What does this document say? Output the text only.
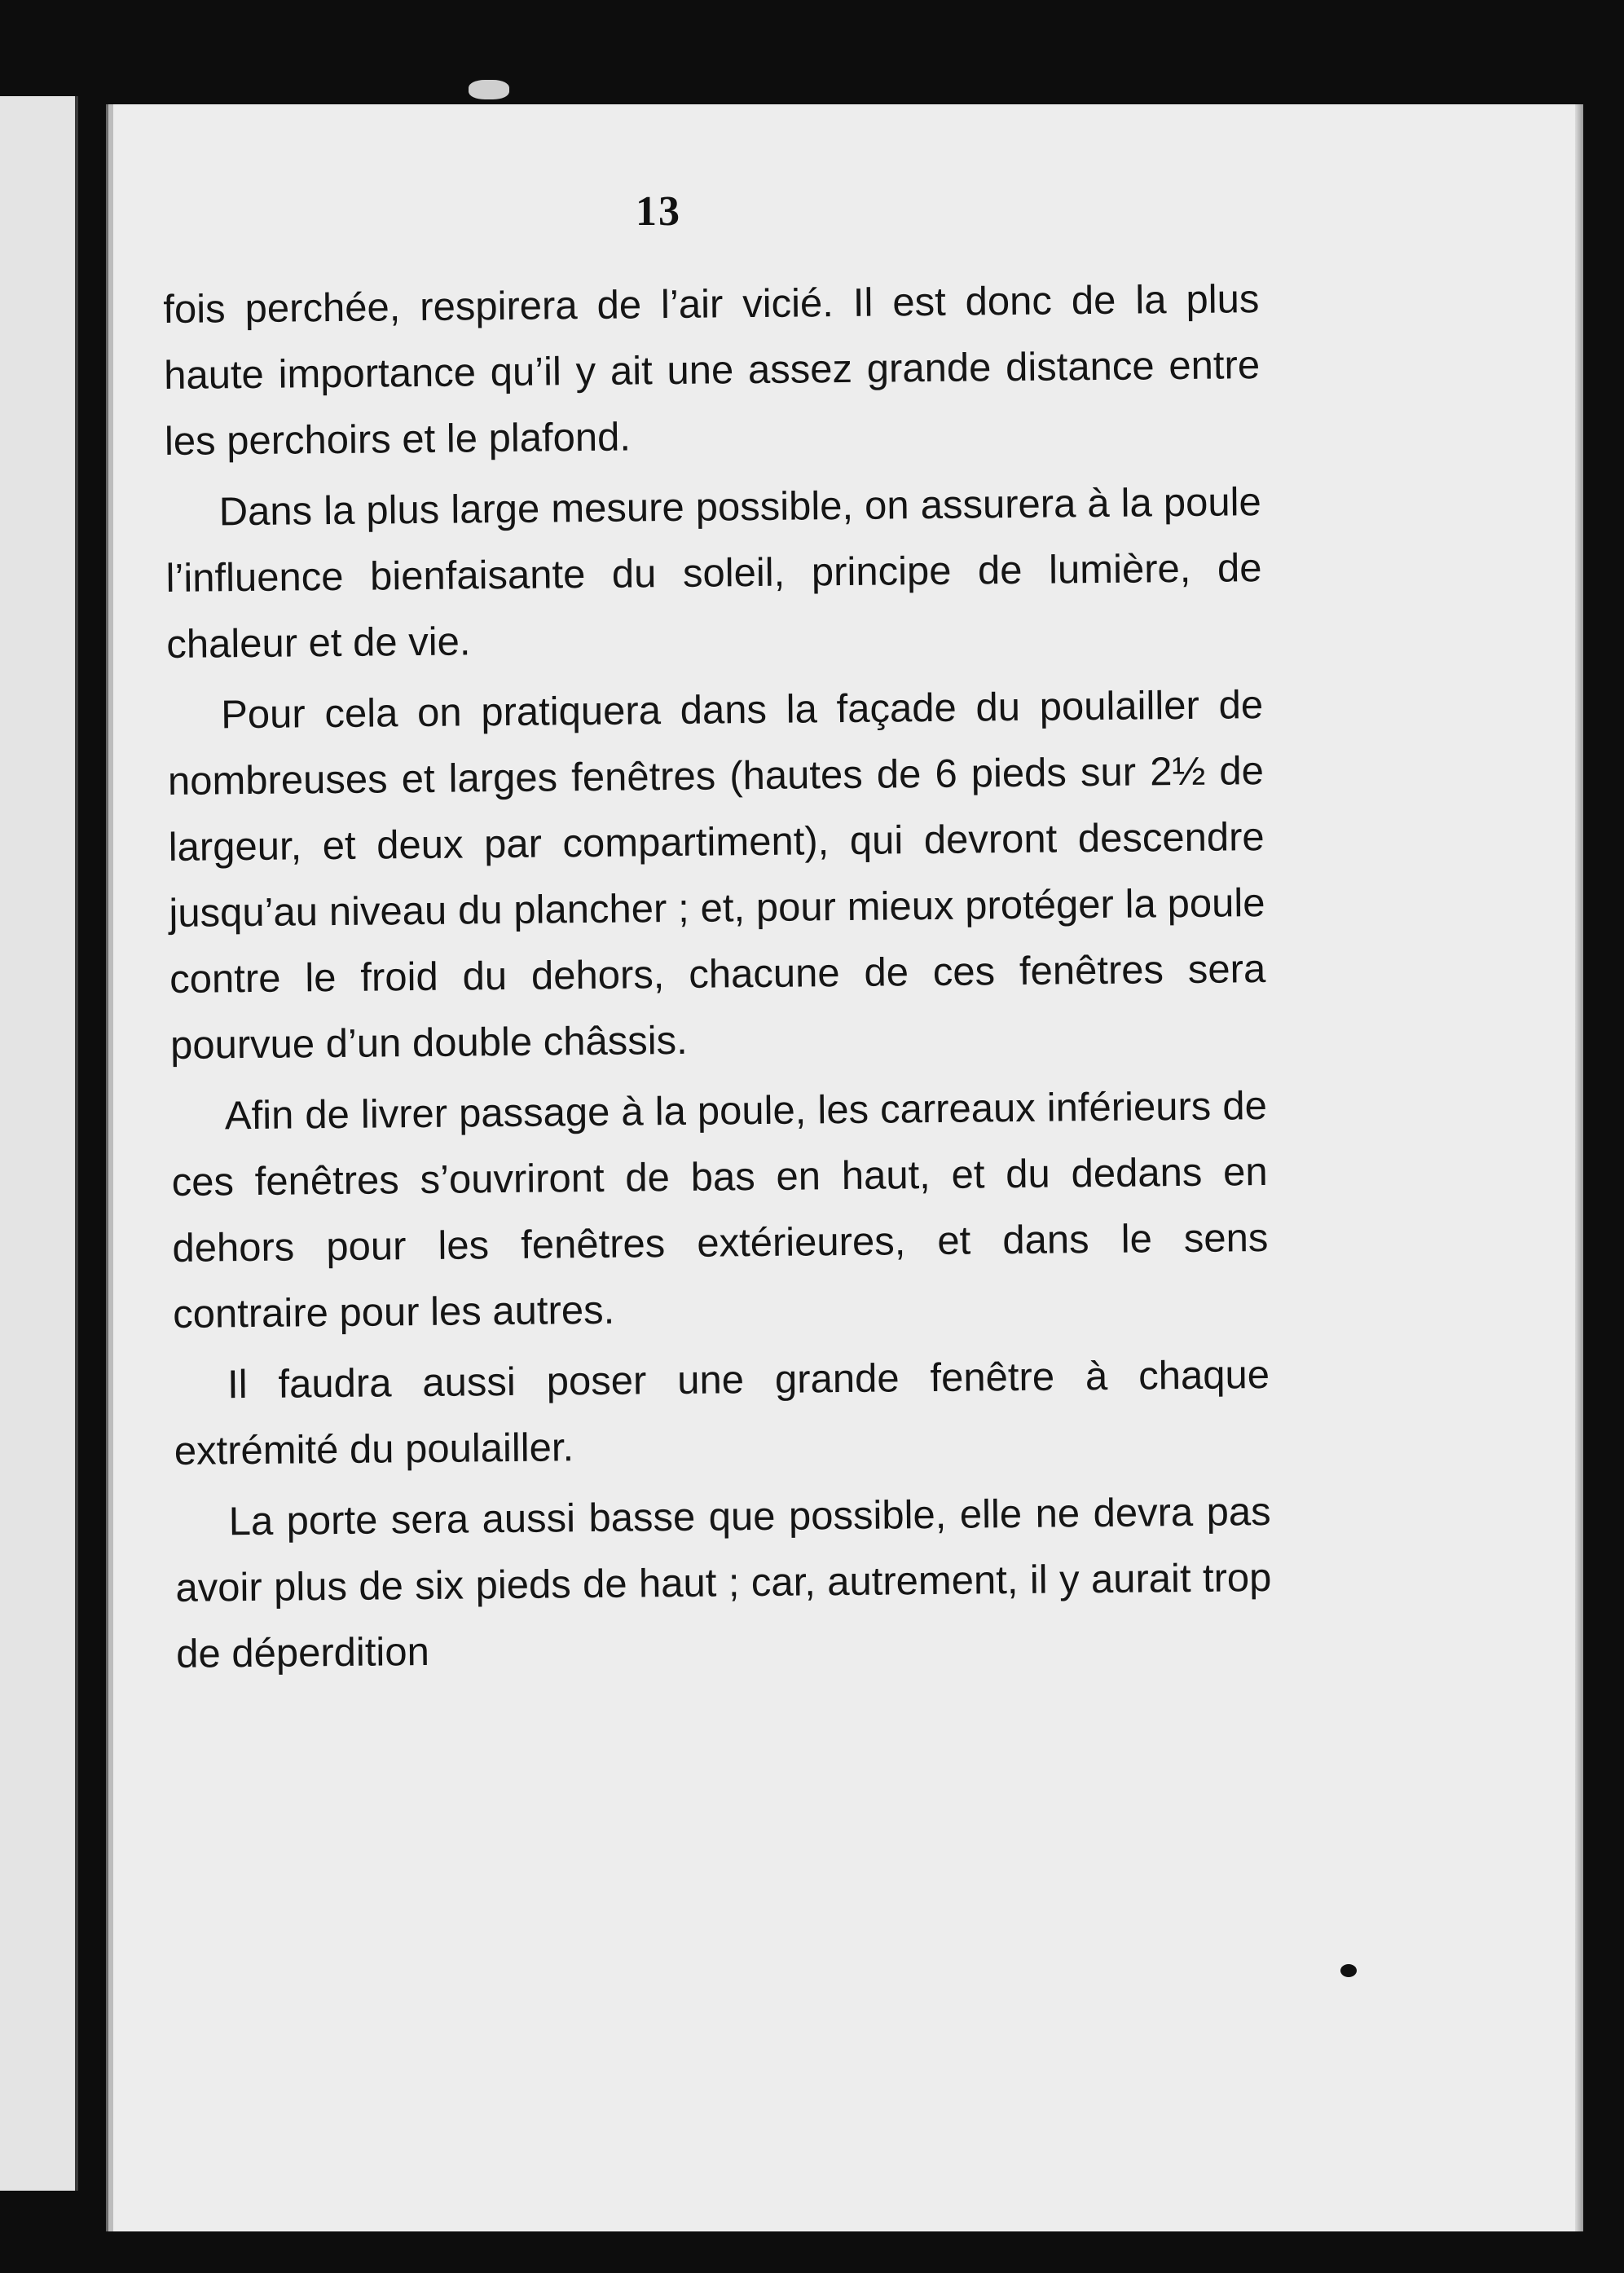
13

fois perchée, respirera de l’air vicié. Il est donc de la plus haute importance qu’il y ait une assez grande distance entre les perchoirs et le plafond.

Dans la plus large mesure possible, on assurera à la poule l’influence bienfaisante du soleil, principe de lumière, de chaleur et de vie.

Pour cela on pratiquera dans la façade du poulailler de nombreuses et larges fenêtres (hautes de 6 pieds sur 2½ de largeur, et deux par compartiment), qui devront descendre jusqu’au niveau du plancher ; et, pour mieux protéger la poule contre le froid du dehors, chacune de ces fenêtres sera pourvue d’un double châssis.

Afin de livrer passage à la poule, les carreaux inférieurs de ces fenêtres s’ouvriront de bas en haut, et du dedans en dehors pour les fenêtres extérieures, et dans le sens contraire pour les autres.

Il faudra aussi poser une grande fenêtre à chaque extrémité du poulailler.

La porte sera aussi basse que possible, elle ne devra pas avoir plus de six pieds de haut ; car, autrement, il y aurait trop de déperdition
